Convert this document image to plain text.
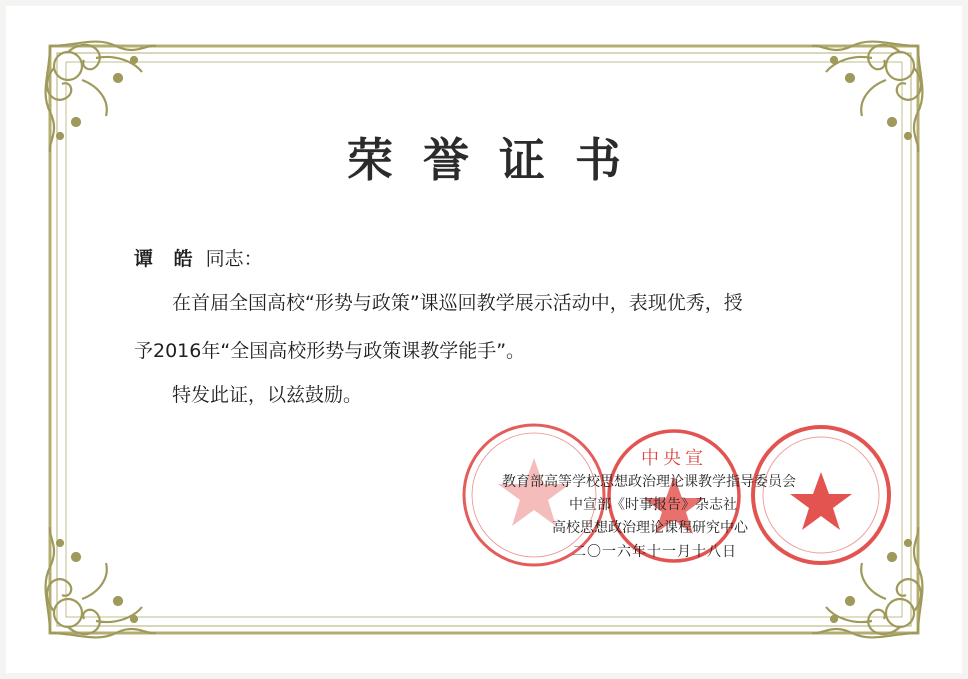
中央宣
荣誉证书
谭 皓 同志：
在首届全国高校“形势与政策”课巡回教学展示活动中，表现优秀，授
予2016年“全国高校形势与政策课教学能手”。
特发此证，以兹鼓励。
教育部高等学校思想政治理论课教学指导委员会
中宣部《时事报告》杂志社
高校思想政治理论课程研究中心
二〇一六年十一月十八日
